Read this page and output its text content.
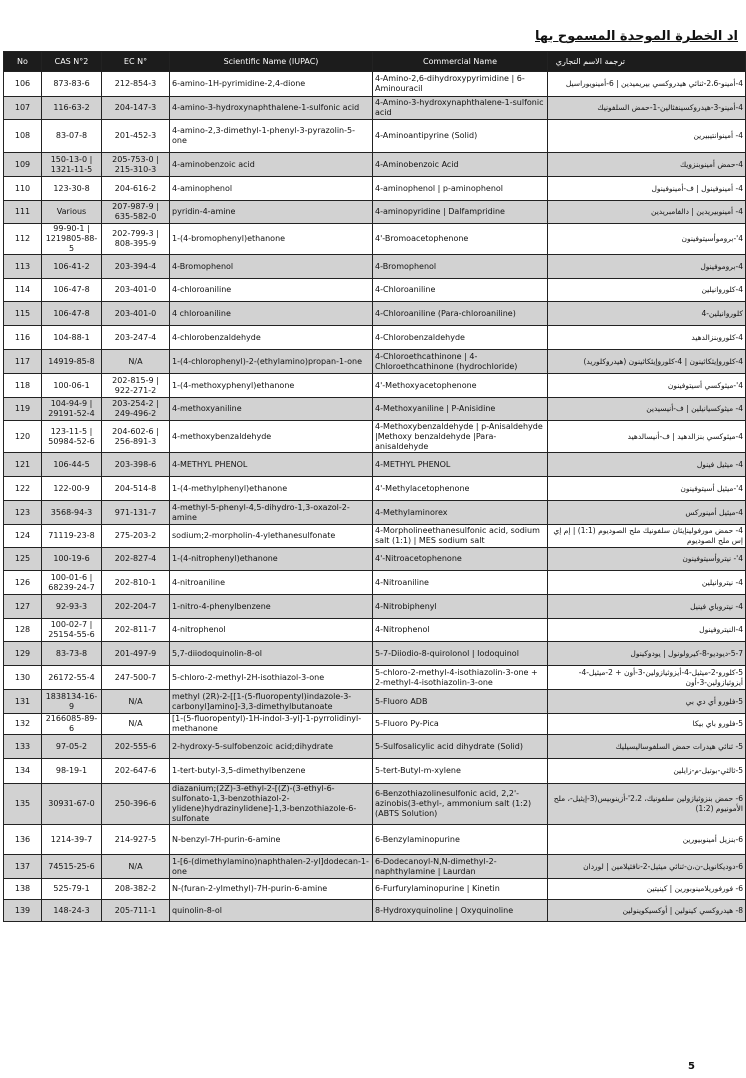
اد الخطرة الموحدة المسموح بها
No	CAS N°2	EC N°	Scientific Name (IUPAC)	Commercial Name	ترجمة الاسم التجاري
106	873-83-6	212-854-3	6-amino-1H-pyrimidine-2,4-dione	4-Amino-2,6-dihydroxypyrimidine | 6-Aminouracil	4-أمينو-2،6-ثنائي هيدروكسي بيريميدين | 6-أمينويوراسيل
107	116-63-2	204-147-3	4-amino-3-hydroxynaphthalene-1-sulfonic acid	4-Amino-3-hydroxynaphthalene-1-sulfonic acid	4-أمينو-3-هيدروكسينفثالين-1-حمض السلفونيك
108	83-07-8	201-452-3	4-amino-2,3-dimethyl-1-phenyl-3-pyrazolin-5-one	4-Aminoantipyrine (Solid)	4- أمينوانتيبيرين
109	150-13-0 | 1321-11-5	205-753-0 | 215-310-3	4-aminobenzoic acid	4-Aminobenzoic Acid	4-حمض أمينوبنزويك
110	123-30-8	204-616-2	4-aminophenol	4-aminophenol | p-aminophenol	4- أمينوفينول | ف-أمينوفينول
111	Various	207-987-9 | 635-582-0	pyridin-4-amine	4-aminopyridine | Dalfampridine	4- أمينوبيريدين | دالفامبريدين
112	99-90-1 | 1219805-88-5	202-799-3 | 808-395-9	1-(4-bromophenyl)ethanone	4'-Bromoacetophenone	4'-بروموأسيتوفينون
113	106-41-2	203-394-4	4-Bromophenol	4-Bromophenol	4-بروموفينول
114	106-47-8	203-401-0	4-chloroaniline	4-Chloroaniline	4-كلوروانيلين
115	106-47-8	203-401-0	4 chloroaniline	4-Chloroaniline (Para-chloroaniline)	كلوروانيلين-4
116	104-88-1	203-247-4	4-chlorobenzaldehyde	4-Chlorobenzaldehyde	4-كلوروبنزالدهيد
117	14919-85-8	N/A	1-(4-chlorophenyl)-2-(ethylamino)propan-1-one	4-Chloroethcathinone | 4-Chloroethcathinone (hydrochloride)	4-كلوروإيثكاثينون | 4-كلوروإيثكاثينون (هيدروكلوريد)
118	100-06-1	202-815-9 | 922-271-2	1-(4-methoxyphenyl)ethanone	4'-Methoxyacetophenone	4'-ميثوكسي أسيتوفينون
119	104-94-9 | 29191-52-4	203-254-2 | 249-496-2	4-methoxyaniline	4-Methoxyaniline | P-Anisidine	4- ميثوكسيانيلين | ف-أنيسيدين
120	123-11-5 | 50984-52-6	204-602-6 | 256-891-3	4-methoxybenzaldehyde	4-Methoxybenzaldehyde | p-Anisaldehyde |Methoxy benzaldehyde |Para-anisaldehyde	4-ميثوكسي بنزالدهيد | ف-أنيسالدهيد
121	106-44-5	203-398-6	4-METHYL PHENOL	4-METHYL PHENOL	4- ميثيل فينول
122	122-00-9	204-514-8	1-(4-methylphenyl)ethanone	4'-Methylacetophenone	4'-ميثيل أسيتوفينون
123	3568-94-3	971-131-7	4-methyl-5-phenyl-4,5-dihydro-1,3-oxazol-2-amine	4-Methylaminorex	4-ميثيل أمينوركس
124	71119-23-8	275-203-2	sodium;2-morpholin-4-ylethanesulfonate	4-Morpholineethanesulfonic acid, sodium salt (1:1) | MES sodium salt	4- حمض مورفولينإيثان سلفونيك ملح الصوديوم (1:1) | إم إي إس ملح الصوديوم
125	100-19-6	202-827-4	1-(4-nitrophenyl)ethanone	4'-Nitroacetophenone	4'- نيتروأسيتوفينون
126	100-01-6 | 68239-24-7	202-810-1	4-nitroaniline	4-Nitroaniline	4- نيتروانيلين
127	92-93-3	202-204-7	1-nitro-4-phenylbenzene	4-Nitrobiphenyl	4- نيتروباي فينيل
128	100-02-7 | 25154-55-6	202-811-7	4-nitrophenol	4-Nitrophenol	4-النيتروفينول
129	83-73-8	201-497-9	5,7-diiodoquinolin-8-ol	5-7-Diiodio-8-quirolonol | Iodoquinol	5-7-ديوديو-8-كيرولونول | يودوكينول
130	26172-55-4	247-500-7	5-chloro-2-methyl-2H-isothiazol-3-one	5-chloro-2-methyl-4-isothiazolin-3-one + 2-methyl-4-isothiazolin-3-one	5-كلورو-2-ميثيل-4-أيزوثيازولين-3-أون + 2-ميثيل-4-أيزوثيازولين-3-أون
131	1838134-16-9	N/A	methyl (2R)-2-[[1-(5-fluoropentyl)indazole-3-carbonyl]amino]-3,3-dimethylbutanoate	5-Fluoro ADB	5-فلورو أي دي بي
132	2166085-89-6	N/A	[1-(5-fluoropentyl)-1H-indol-3-yl]-1-pyrrolidinyl-methanone	5-Fluoro Py-Pica	5-فلورو باي بيكا
133	97-05-2	202-555-6	2-hydroxy-5-sulfobenzoic acid;dihydrate	5-Sulfosalicylic acid dihydrate (Solid)	5- ثنائي هيدرات حمض السلفوساليسيليك
134	98-19-1	202-647-6	1-tert-butyl-3,5-dimethylbenzene	5-tert-Butyl-m-xylene	5-ثالثي-بوتيل-م-زايلين
135	30931-67-0	250-396-6	diazanium;(2Z)-3-ethyl-2-[(Z)-(3-ethyl-6-sulfonato-1,3-benzothiazol-2-ylidene)hydrazinylidene]-1,3-benzothiazole-6-sulfonate	6-Benzothiazolinesulfonic acid, 2,2'-azinobis(3-ethyl-, ammonium salt (1:2) (ABTS Solution)	6- حمض بنزوثيازولين سلفونيك، 2،2'-أزينوبيس(3-إيثيل-، ملح الأمونيوم (1:2)
136	1214-39-7	214-927-5	N-benzyl-7H-purin-6-amine	6-Benzylaminopurine	6-بنزيل أمينوبيورين
137	74515-25-6	N/A	1-[6-(dimethylamino)naphthalen-2-yl]dodecan-1-one	6-Dodecanoyl-N,N-dimethyl-2-naphthylamine | Laurdan	6-دوديكانويل-ن،ن-ثنائي ميثيل-2-نافثيلامين | لوردان
138	525-79-1	208-382-2	N-(furan-2-ylmethyl)-7H-purin-6-amine	6-Furfurylaminopurine | Kinetin	6- فورفوريلامينوبورين | كينيتين
139	148-24-3	205-711-1	quinolin-8-ol	8-Hydroxyquinoline | Oxyquinoline	8- هيدروكسي كينولين | أوكسيكوينولين
5
